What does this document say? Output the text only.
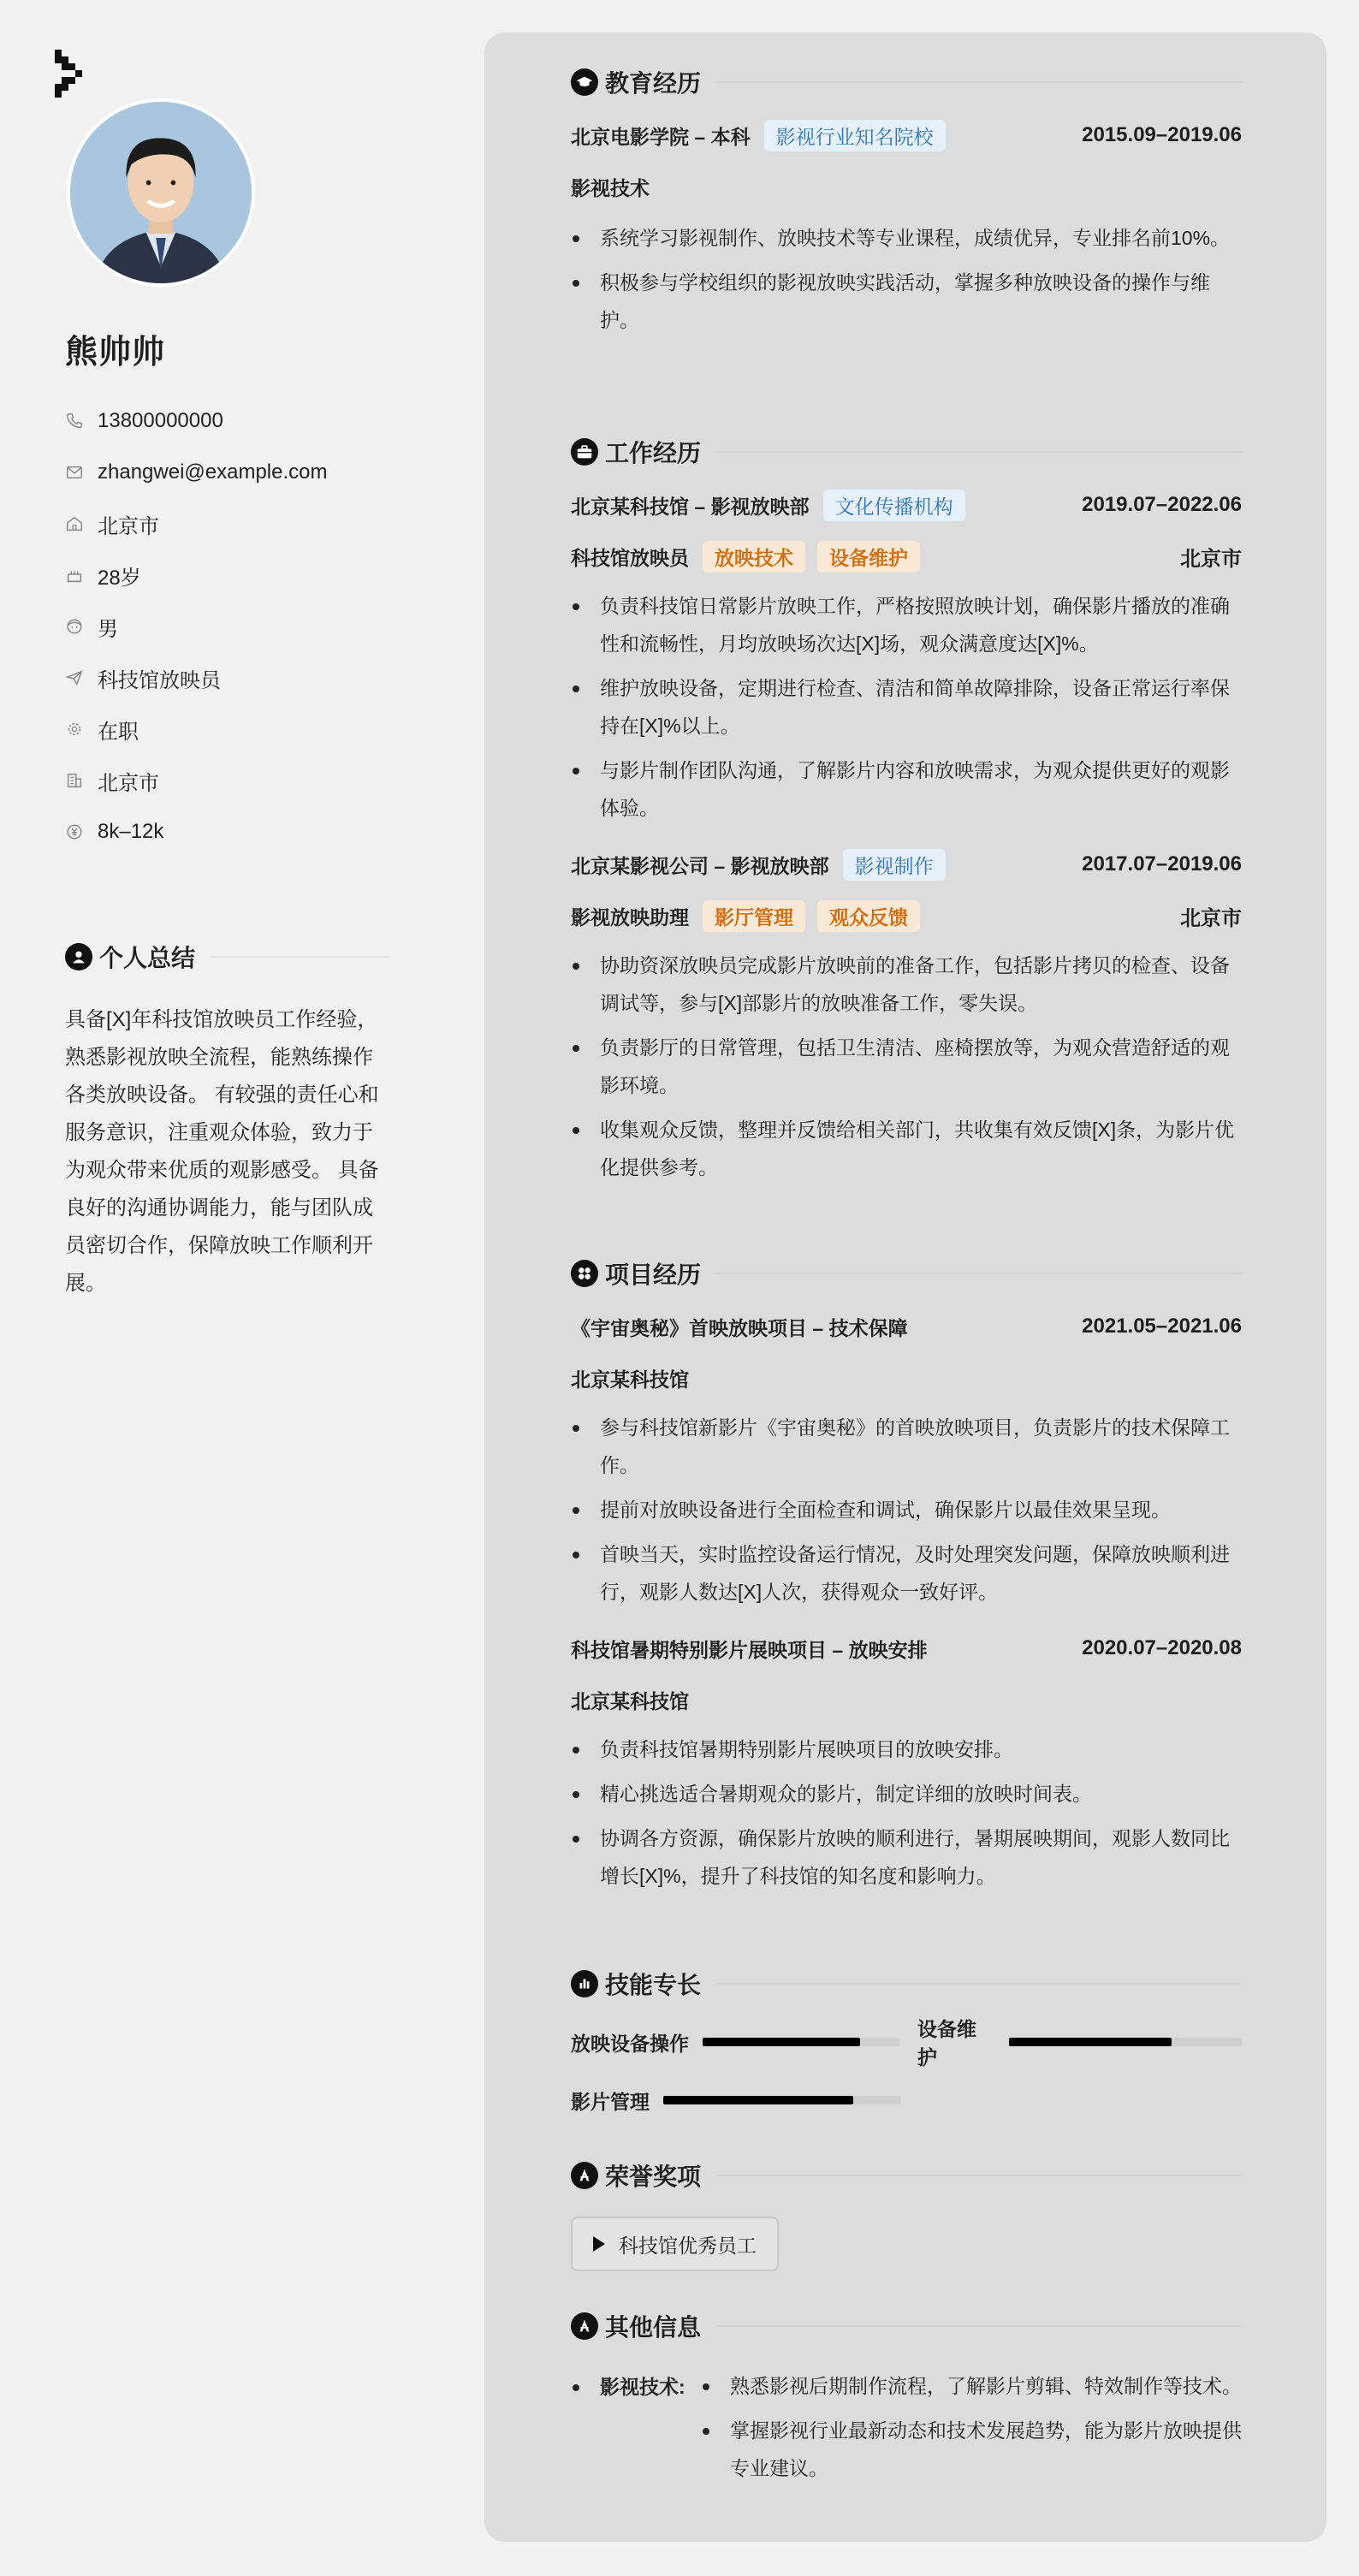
熊帅帅
13800000000
zhangwei@example.com
北京市
28岁
男
科技馆放映员
在职
北京市
8k–12k
个人总结
具备[X]年科技馆放映员工作经验，熟悉影视放映全流程，能熟练操作各类放映设备。 有较强的责任心和服务意识，注重观众体验，致力于为观众带来优质的观影感受。 具备良好的沟通协调能力，能与团队成员密切合作，保障放映工作顺利开展。
教育经历
北京电影学院 – 本科	影视行业知名院校	2015.09–2019.06
影视技术
系统学习影视制作、放映技术等专业课程，成绩优异，专业排名前10%。
积极参与学校组织的影视放映实践活动，掌握多种放映设备的操作与维护。
工作经历
北京某科技馆 – 影视放映部	文化传播机构	2019.07–2022.06
科技馆放映员	放映技术	设备维护	北京市
负责科技馆日常影片放映工作，严格按照放映计划，确保影片播放的准确性和流畅性，月均放映场次达[X]场，观众满意度达[X]%。
维护放映设备，定期进行检查、清洁和简单故障排除，设备正常运行率保持在[X]%以上。
与影片制作团队沟通，了解影片内容和放映需求，为观众提供更好的观影体验。
北京某影视公司 – 影视放映部	影视制作	2017.07–2019.06
影视放映助理	影厅管理	观众反馈	北京市
协助资深放映员完成影片放映前的准备工作，包括影片拷贝的检查、设备调试等，参与[X]部影片的放映准备工作，零失误。
负责影厅的日常管理，包括卫生清洁、座椅摆放等，为观众营造舒适的观影环境。
收集观众反馈，整理并反馈给相关部门，共收集有效反馈[X]条，为影片优化提供参考。
项目经历
《宇宙奥秘》首映放映项目 – 技术保障	2021.05–2021.06
北京某科技馆
参与科技馆新影片《宇宙奥秘》的首映放映项目，负责影片的技术保障工作。
提前对放映设备进行全面检查和调试，确保影片以最佳效果呈现。
首映当天，实时监控设备运行情况，及时处理突发问题，保障放映顺利进行，观影人数达[X]人次，获得观众一致好评。
科技馆暑期特别影片展映项目 – 放映安排	2020.07–2020.08
北京某科技馆
负责科技馆暑期特别影片展映项目的放映安排。
精心挑选适合暑期观众的影片，制定详细的放映时间表。
协调各方资源，确保影片放映的顺利进行，暑期展映期间，观影人数同比增长[X]%，提升了科技馆的知名度和影响力。
技能专长
放映设备操作
设备维护
影片管理
荣誉奖项
科技馆优秀员工
其他信息
影视技术:	熟悉影视后期制作流程，了解影片剪辑、特效制作等技术。
掌握影视行业最新动态和技术发展趋势，能为影片放映提供专业建议。
